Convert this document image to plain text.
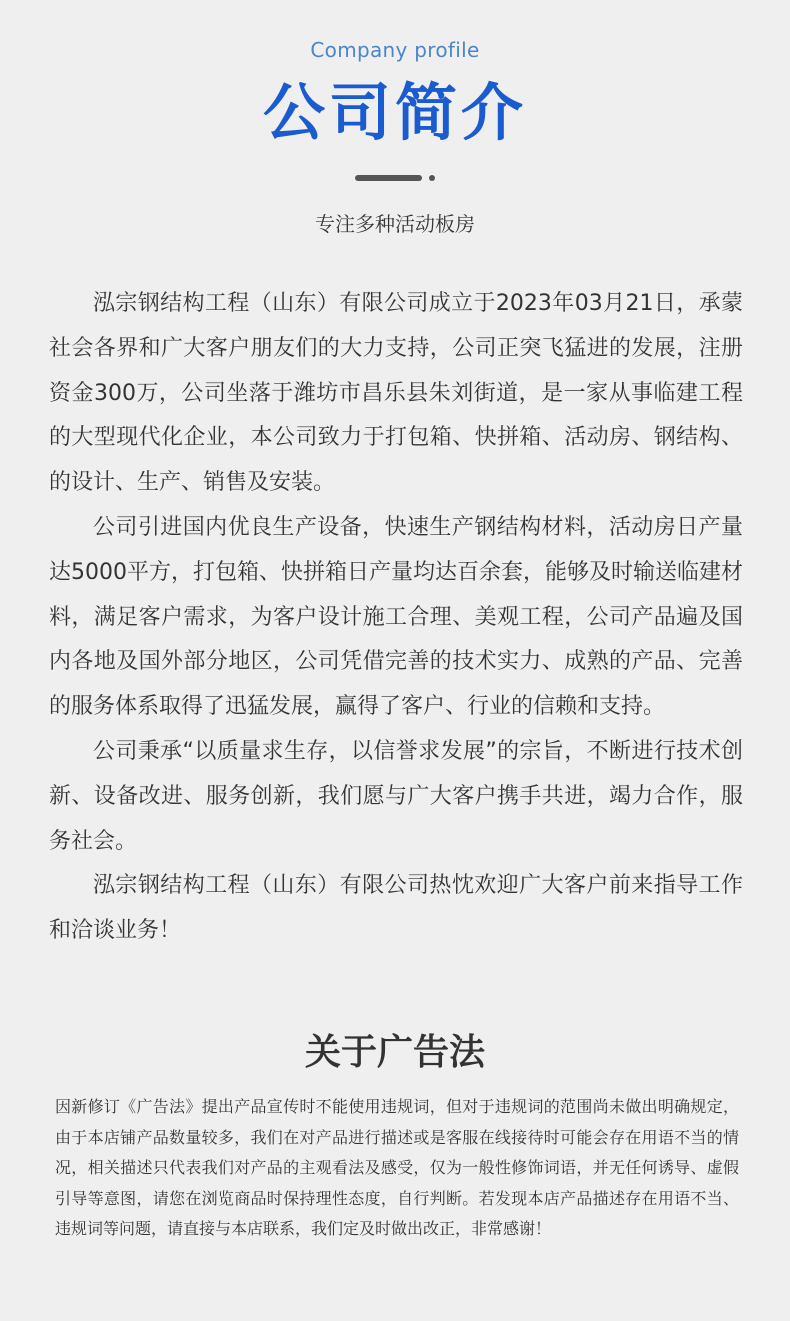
Company profile
公司简介
专注多种活动板房

泓宗钢结构工程（山东）有限公司成立于2023年03月21日，承蒙社会各界和广大客户朋友们的大力支持，公司正突飞猛进的发展，注册资金300万，公司坐落于潍坊市昌乐县朱刘街道，是一家从事临建工程的大型现代化企业，本公司致力于打包箱、快拼箱、活动房、钢结构、的设计、生产、销售及安装。

公司引进国内优良生产设备，快速生产钢结构材料，活动房日产量达5000平方，打包箱、快拼箱日产量均达百余套，能够及时输送临建材料，满足客户需求，为客户设计施工合理、美观工程，公司产品遍及国内各地及国外部分地区，公司凭借完善的技术实力、成熟的产品、完善的服务体系取得了迅猛发展，赢得了客户、行业的信赖和支持。

公司秉承“以质量求生存，以信誉求发展”的宗旨，不断进行技术创新、设备改进、服务创新，我们愿与广大客户携手共进，竭力合作，服务社会。

泓宗钢结构工程（山东）有限公司热忱欢迎广大客户前来指导工作和洽谈业务！

关于广告法

因新修订《广告法》提出产品宣传时不能使用违规词，但对于违规词的范围尚未做出明确规定，由于本店铺产品数量较多，我们在对产品进行描述或是客服在线接待时可能会存在用语不当的情况，相关描述只代表我们对产品的主观看法及感受，仅为一般性修饰词语，并无任何诱导、虚假引导等意图，请您在浏览商品时保持理性态度，自行判断。若发现本店产品描述存在用语不当、违规词等问题，请直接与本店联系，我们定及时做出改正，非常感谢！
